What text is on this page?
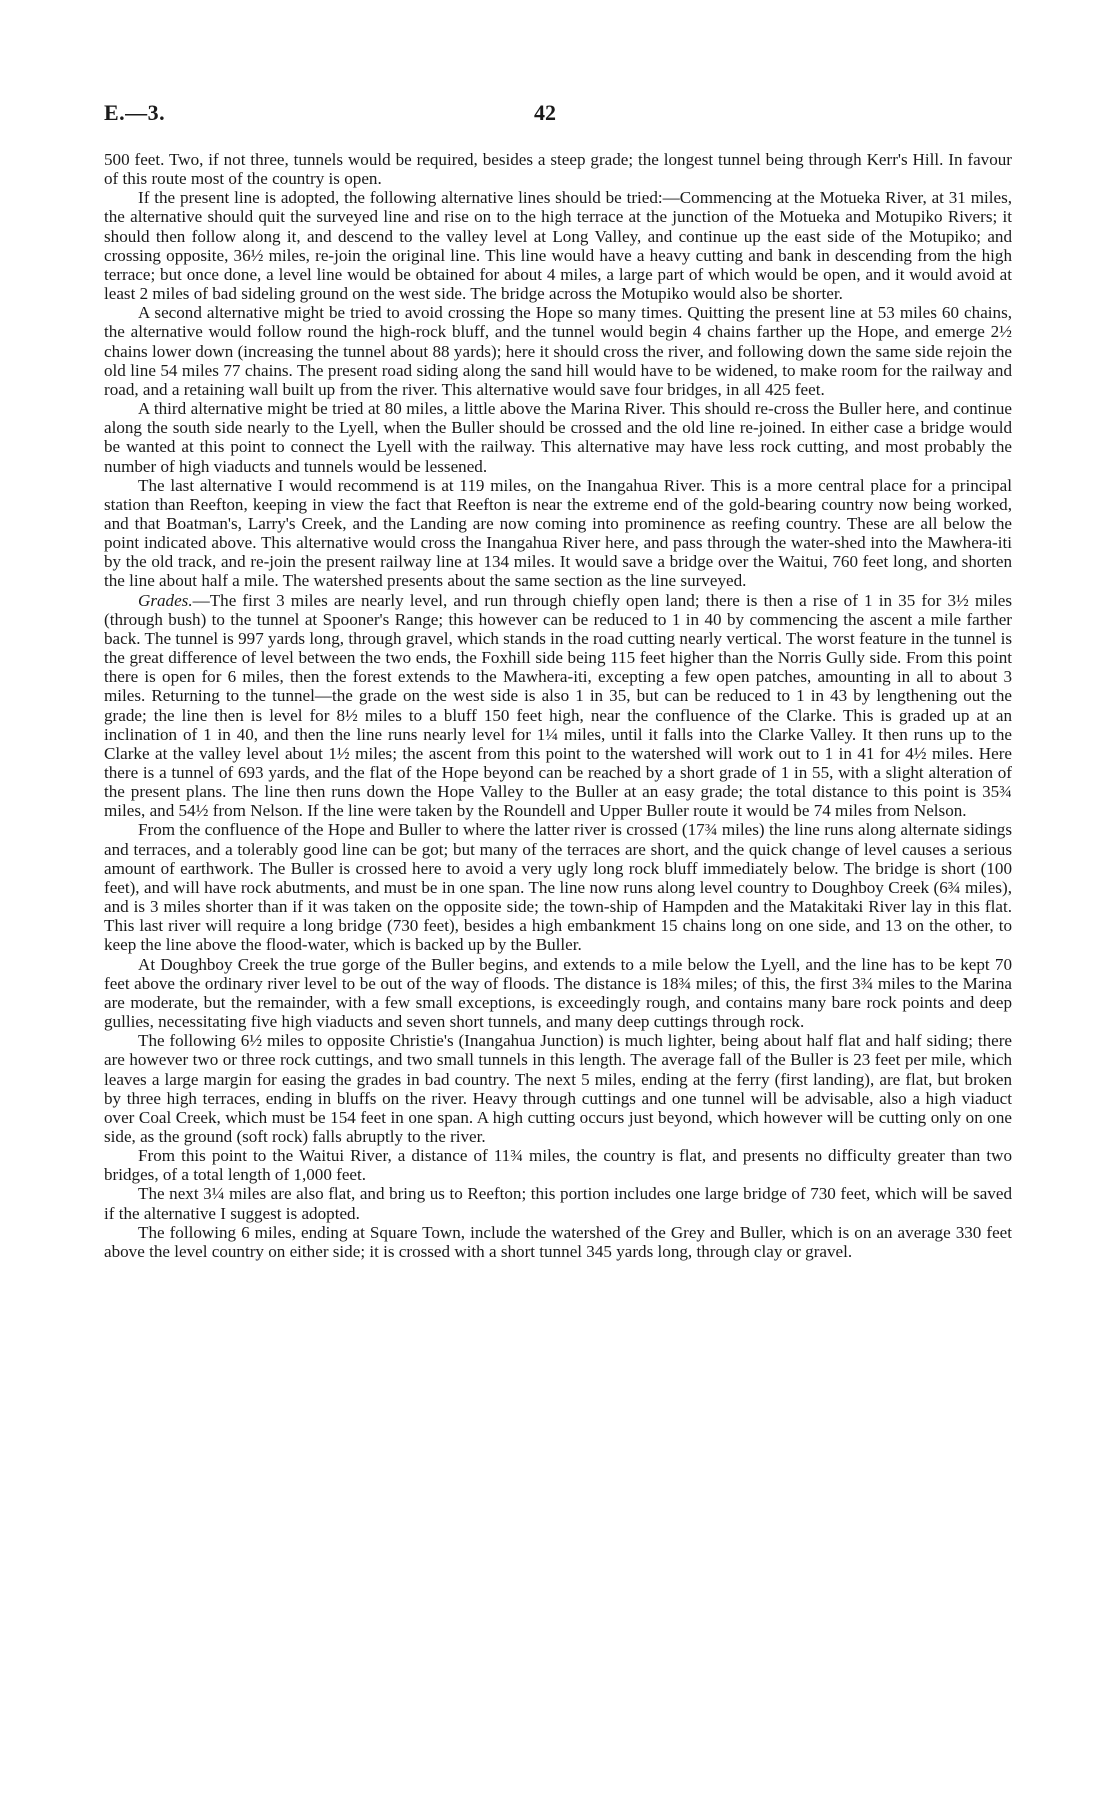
E.—3.	42

500 feet. Two, if not three, tunnels would be required, besides a steep grade; the longest tunnel being through Kerr's Hill. In favour of this route most of the country is open.

If the present line is adopted, the following alternative lines should be tried:—Commencing at the Motueka River, at 31 miles, the alternative should quit the surveyed line and rise on to the high terrace at the junction of the Motueka and Motupiko Rivers; it should then follow along it, and descend to the valley level at Long Valley, and continue up the east side of the Motupiko; and crossing opposite, 36½ miles, re-join the original line. This line would have a heavy cutting and bank in descending from the high terrace; but once done, a level line would be obtained for about 4 miles, a large part of which would be open, and it would avoid at least 2 miles of bad sideling ground on the west side. The bridge across the Motupiko would also be shorter.

A second alternative might be tried to avoid crossing the Hope so many times. Quitting the present line at 53 miles 60 chains, the alternative would follow round the high-rock bluff, and the tunnel would begin 4 chains farther up the Hope, and emerge 2½ chains lower down (increasing the tunnel about 88 yards); here it should cross the river, and following down the same side rejoin the old line 54 miles 77 chains. The present road siding along the sand hill would have to be widened, to make room for the railway and road, and a retaining wall built up from the river. This alternative would save four bridges, in all 425 feet.

A third alternative might be tried at 80 miles, a little above the Marina River. This should re-cross the Buller here, and continue along the south side nearly to the Lyell, when the Buller should be crossed and the old line re-joined. In either case a bridge would be wanted at this point to connect the Lyell with the railway. This alternative may have less rock cutting, and most probably the number of high viaducts and tunnels would be lessened.

The last alternative I would recommend is at 119 miles, on the Inangahua River. This is a more central place for a principal station than Reefton, keeping in view the fact that Reefton is near the extreme end of the gold-bearing country now being worked, and that Boatman's, Larry's Creek, and the Landing are now coming into prominence as reefing country. These are all below the point indicated above. This alternative would cross the Inangahua River here, and pass through the water-shed into the Mawhera-iti by the old track, and re-join the present railway line at 134 miles. It would save a bridge over the Waitui, 760 feet long, and shorten the line about half a mile. The watershed presents about the same section as the line surveyed.

Grades.—The first 3 miles are nearly level, and run through chiefly open land; there is then a rise of 1 in 35 for 3½ miles (through bush) to the tunnel at Spooner's Range; this however can be reduced to 1 in 40 by commencing the ascent a mile farther back. The tunnel is 997 yards long, through gravel, which stands in the road cutting nearly vertical. The worst feature in the tunnel is the great difference of level between the two ends, the Foxhill side being 115 feet higher than the Norris Gully side. From this point there is open for 6 miles, then the forest extends to the Mawhera-iti, excepting a few open patches, amounting in all to about 3 miles. Returning to the tunnel—the grade on the west side is also 1 in 35, but can be reduced to 1 in 43 by lengthening out the grade; the line then is level for 8½ miles to a bluff 150 feet high, near the confluence of the Clarke. This is graded up at an inclination of 1 in 40, and then the line runs nearly level for 1¼ miles, until it falls into the Clarke Valley. It then runs up to the Clarke at the valley level about 1½ miles; the ascent from this point to the watershed will work out to 1 in 41 for 4½ miles. Here there is a tunnel of 693 yards, and the flat of the Hope beyond can be reached by a short grade of 1 in 55, with a slight alteration of the present plans. The line then runs down the Hope Valley to the Buller at an easy grade; the total distance to this point is 35¾ miles, and 54½ from Nelson. If the line were taken by the Roundell and Upper Buller route it would be 74 miles from Nelson.

From the confluence of the Hope and Buller to where the latter river is crossed (17¾ miles) the line runs along alternate sidings and terraces, and a tolerably good line can be got; but many of the terraces are short, and the quick change of level causes a serious amount of earthwork. The Buller is crossed here to avoid a very ugly long rock bluff immediately below. The bridge is short (100 feet), and will have rock abutments, and must be in one span. The line now runs along level country to Doughboy Creek (6¾ miles), and is 3 miles shorter than if it was taken on the opposite side; the town-ship of Hampden and the Matakitaki River lay in this flat. This last river will require a long bridge (730 feet), besides a high embankment 15 chains long on one side, and 13 on the other, to keep the line above the flood-water, which is backed up by the Buller.

At Doughboy Creek the true gorge of the Buller begins, and extends to a mile below the Lyell, and the line has to be kept 70 feet above the ordinary river level to be out of the way of floods. The distance is 18¾ miles; of this, the first 3¾ miles to the Marina are moderate, but the remainder, with a few small exceptions, is exceedingly rough, and contains many bare rock points and deep gullies, necessitating five high viaducts and seven short tunnels, and many deep cuttings through rock.

The following 6½ miles to opposite Christie's (Inangahua Junction) is much lighter, being about half flat and half siding; there are however two or three rock cuttings, and two small tunnels in this length. The average fall of the Buller is 23 feet per mile, which leaves a large margin for easing the grades in bad country. The next 5 miles, ending at the ferry (first landing), are flat, but broken by three high terraces, ending in bluffs on the river. Heavy through cuttings and one tunnel will be advisable, also a high viaduct over Coal Creek, which must be 154 feet in one span. A high cutting occurs just beyond, which however will be cutting only on one side, as the ground (soft rock) falls abruptly to the river.

From this point to the Waitui River, a distance of 11¾ miles, the country is flat, and presents no difficulty greater than two bridges, of a total length of 1,000 feet.

The next 3¼ miles are also flat, and bring us to Reefton; this portion includes one large bridge of 730 feet, which will be saved if the alternative I suggest is adopted.

The following 6 miles, ending at Square Town, include the watershed of the Grey and Buller, which is on an average 330 feet above the level country on either side; it is crossed with a short tunnel 345 yards long, through clay or gravel.
